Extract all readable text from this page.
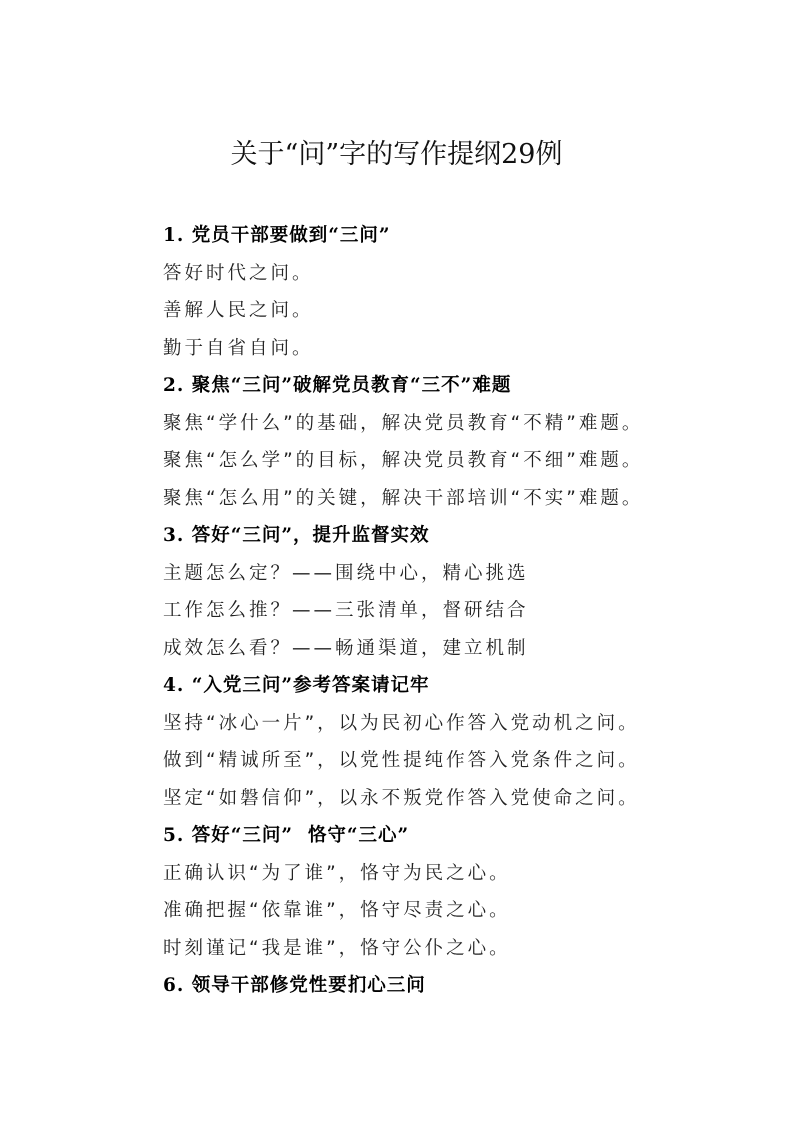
关于“问”字的写作提纲29例
1. 党员干部要做到“三问”
答好时代之问。
善解人民之问。
勤于自省自问。
2. 聚焦“三问”破解党员教育“三不”难题
聚焦“学什么”的基础，解决党员教育“不精”难题。
聚焦“怎么学”的目标，解决党员教育“不细”难题。
聚焦“怎么用”的关键，解决干部培训“不实”难题。
3. 答好“三问”，提升监督实效
主题怎么定？——围绕中心，精心挑选
工作怎么推？——三张清单，督研结合
成效怎么看？——畅通渠道，建立机制
4. “入党三问”参考答案请记牢
坚持“冰心一片”，以为民初心作答入党动机之问。
做到“精诚所至”，以党性提纯作答入党条件之问。
坚定“如磐信仰”，以永不叛党作答入党使命之问。
5. 答好“三问”  恪守“三心”
正确认识“为了谁”，恪守为民之心。
准确把握“依靠谁”，恪守尽责之心。
时刻谨记“我是谁”，恪守公仆之心。
6. 领导干部修党性要扪心三问
